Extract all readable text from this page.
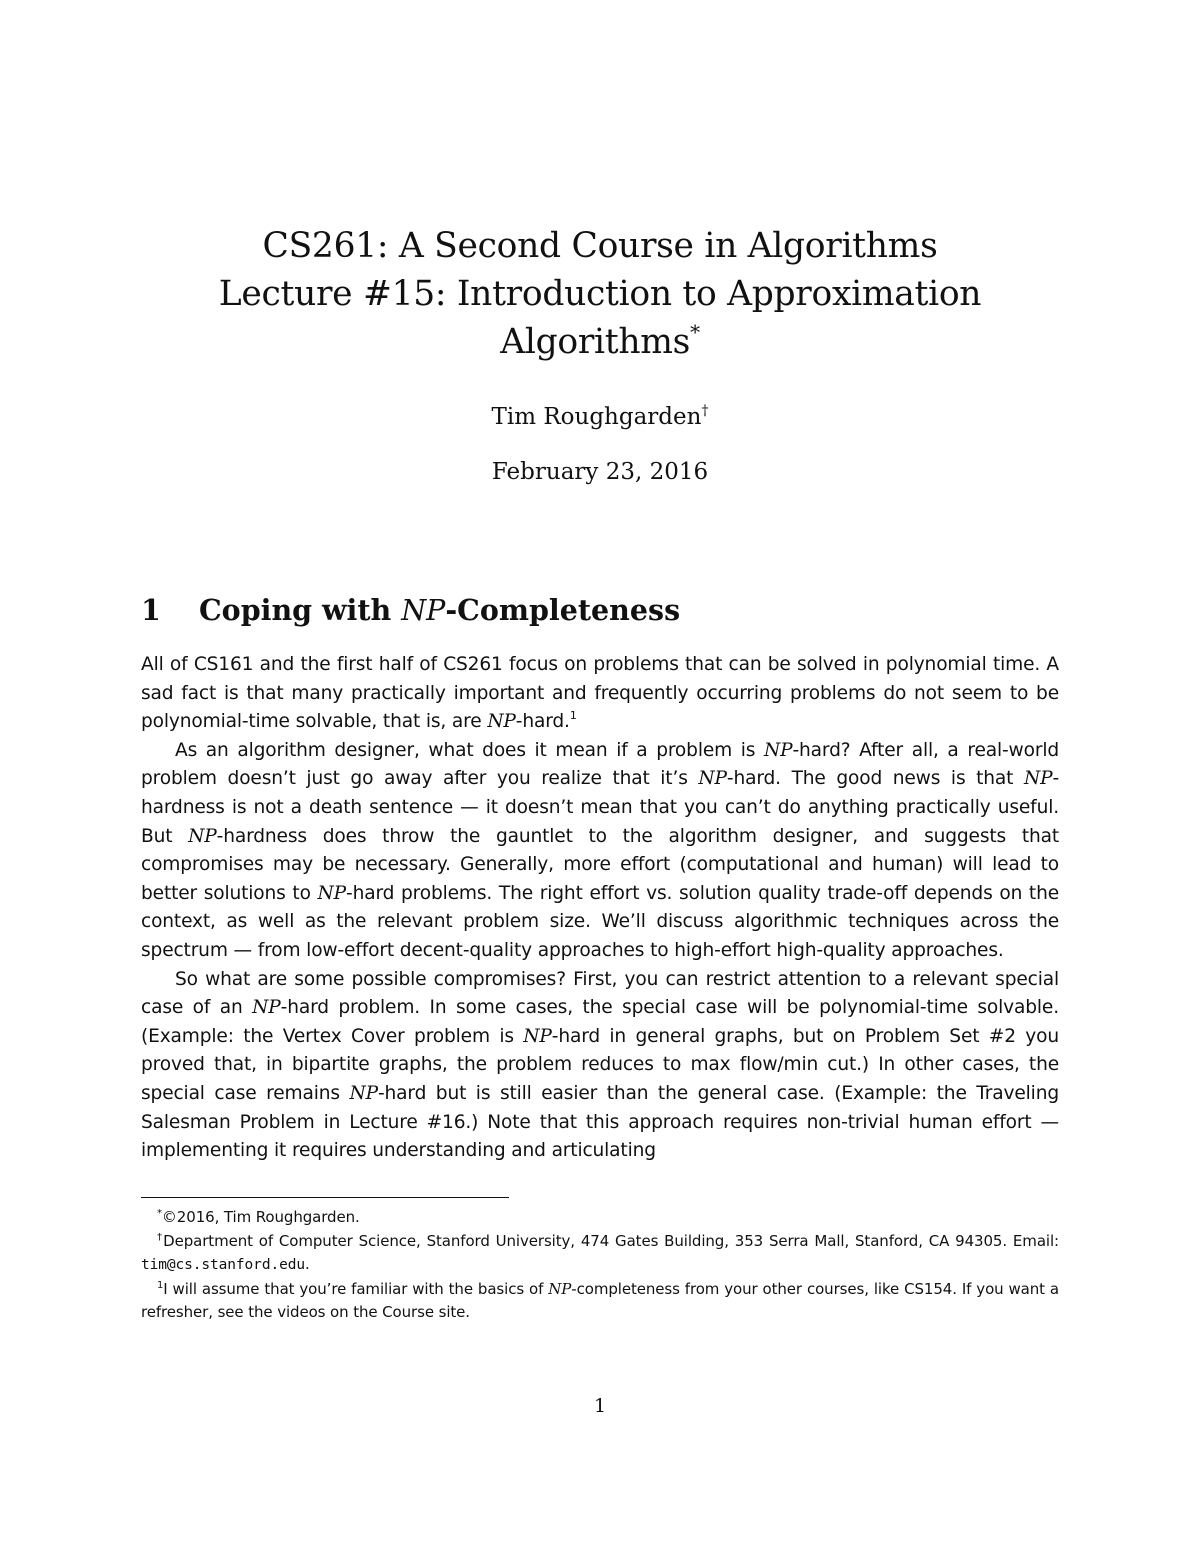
CS261: A Second Course in Algorithms
Lecture #15: Introduction to Approximation
Algorithms*
Tim Roughgarden†
February 23, 2016
1 Coping with NP-Completeness

All of CS161 and the first half of CS261 focus on problems that can be solved in polynomial time. A sad fact is that many practically important and frequently occurring problems do not seem to be polynomial-time solvable, that is, are NP-hard.$^1$

As an algorithm designer, what does it mean if a problem is NP-hard? After all, a real-world problem doesn’t just go away after you realize that it’s NP-hard. The good news is that NP-hardness is not a death sentence — it doesn’t mean that you can’t do anything practically useful. But NP-hardness does throw the gauntlet to the algorithm designer, and suggests that compromises may be necessary. Generally, more effort (computational and human) will lead to better solutions to NP-hard problems. The right effort vs. solution quality trade-off depends on the context, as well as the relevant problem size. We’ll discuss algorithmic techniques across the spectrum — from low-effort decent-quality approaches to high-effort high-quality approaches.

So what are some possible compromises? First, you can restrict attention to a relevant special case of an NP-hard problem. In some cases, the special case will be polynomial-time solvable. (Example: the Vertex Cover problem is NP-hard in general graphs, but on Problem Set #2 you proved that, in bipartite graphs, the problem reduces to max flow/min cut.) In other cases, the special case remains NP-hard but is still easier than the general case. (Example: the Traveling Salesman Problem in Lecture #16.) Note that this approach requires non-trivial human effort — implementing it requires understanding and articulating

*©2016, Tim Roughgarden.

†Department of Computer Science, Stanford University, 474 Gates Building, 353 Serra Mall, Stanford, CA 94305. Email: tim@cs.stanford.edu.

$^1$I will assume that you’re familiar with the basics of NP-completeness from your other courses, like CS154. If you want a refresher, see the videos on the Course site.

1
